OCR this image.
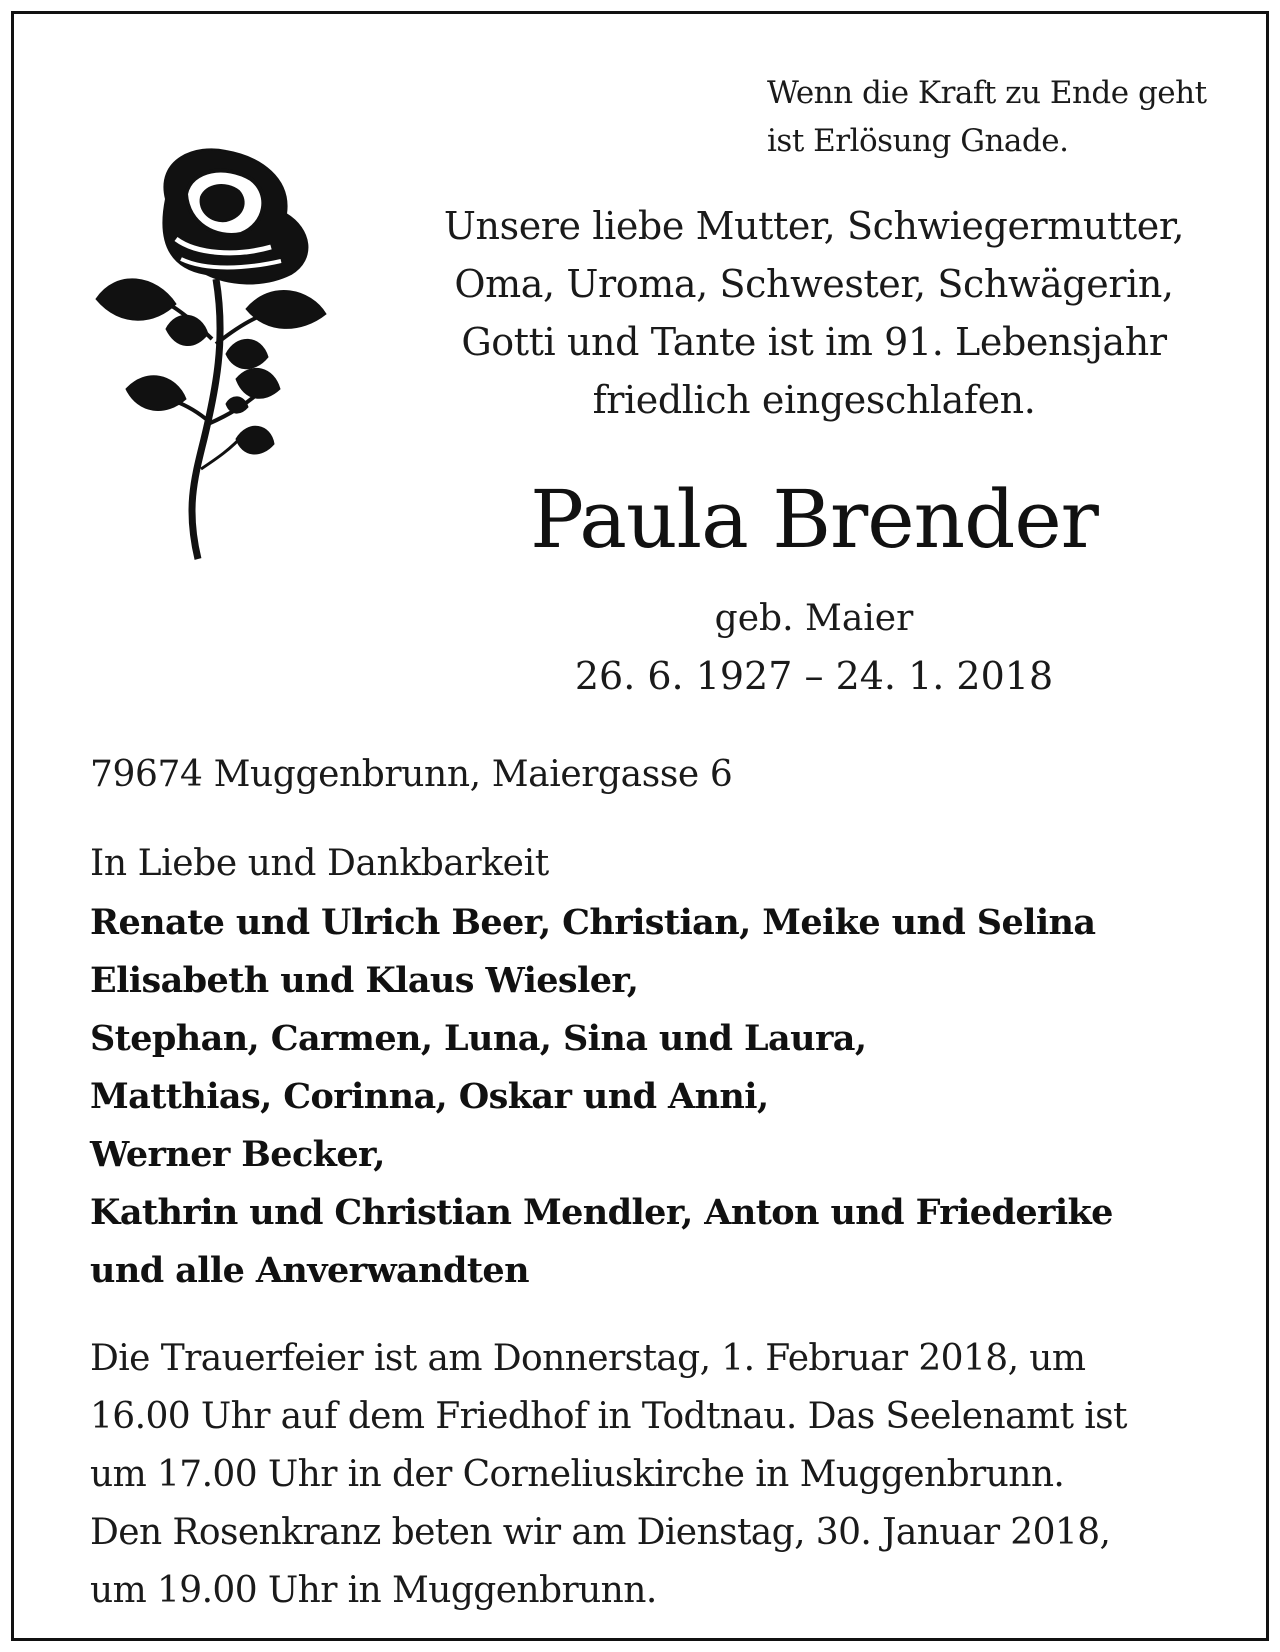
Wenn die Kraft zu Ende geht
ist Erlösung Gnade.
Unsere liebe Mutter, Schwiegermutter,
Oma, Uroma, Schwester, Schwägerin,
Gotti und Tante ist im 91. Lebensjahr
friedlich eingeschlafen.
Paula Brender
geb. Maier
26. 6. 1927 – 24. 1. 2018
79674 Muggenbrunn, Maiergasse 6
In Liebe und Dankbarkeit
Renate und Ulrich Beer, Christian, Meike und Selina
Elisabeth und Klaus Wiesler,
Stephan, Carmen, Luna, Sina und Laura,
Matthias, Corinna, Oskar und Anni,
Werner Becker,
Kathrin und Christian Mendler, Anton und Friederike
und alle Anverwandten
Die Trauerfeier ist am Donnerstag, 1. Februar 2018, um
16.00 Uhr auf dem Friedhof in Todtnau. Das Seelenamt ist
um 17.00 Uhr in der Corneliuskirche in Muggenbrunn.
Den Rosenkranz beten wir am Dienstag, 30. Januar 2018,
um 19.00 Uhr in Muggenbrunn.
